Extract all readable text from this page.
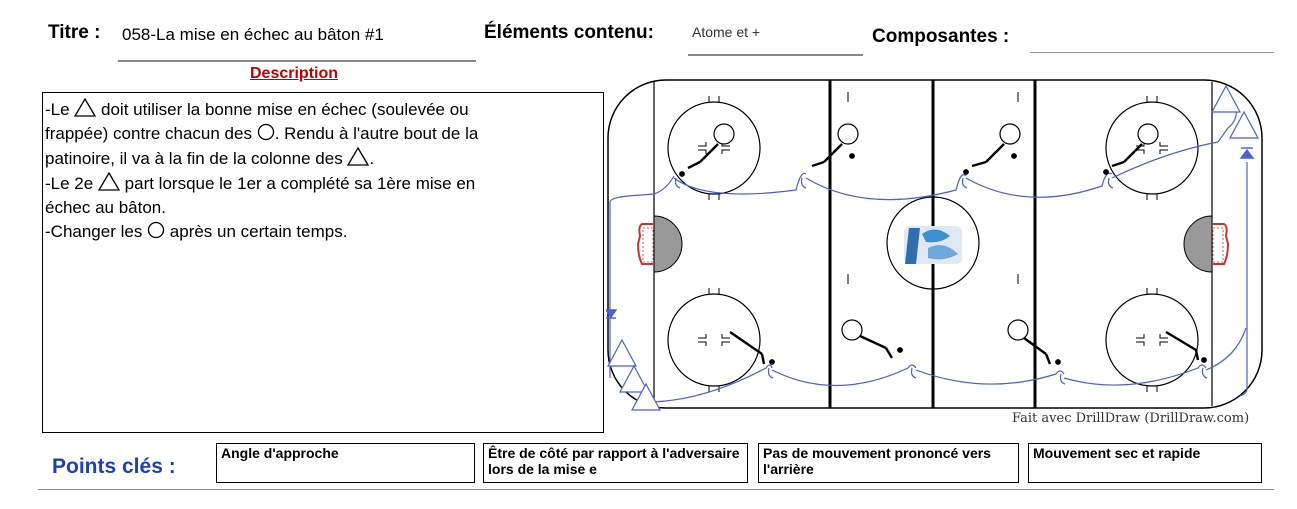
Titre : 058-La mise en échec au bâton #1	Éléments contenu:	Atome et +	Composantes :
Description

-Le  doit utiliser la bonne mise en échec (soulevée ou

frappée) contre chacun des . Rendu à l'autre bout de la

patinoire, il va à la fin de la colonne des .

-Le 2e  part lorsque le 1er a complété sa 1ère mise en

échec au bâton.

-Changer les  après un certain temps.

Fait avec DrillDraw (DrillDraw.com)
Points clés :
Angle d'approche	Être de côté par rapport à l'adversaire lors de la mise e
Pas de mouvement prononcé vers l'arrière
Mouvement sec et rapide
